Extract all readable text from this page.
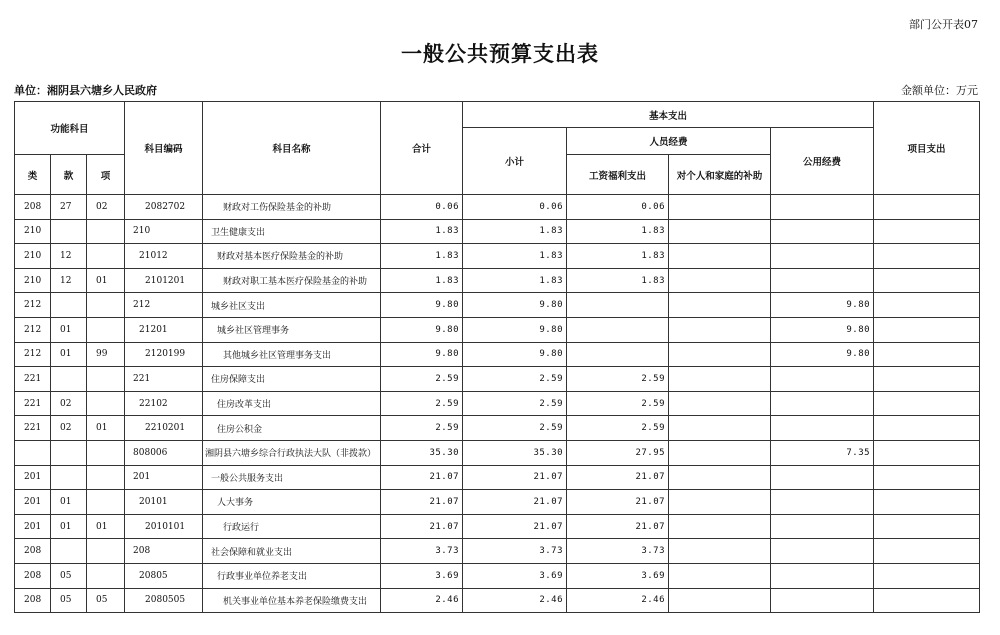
部门公开表07
一般公共预算支出表
单位：湘阴县六塘乡人民政府	金额单位：万元
功能科目			科目编码	科目名称	合计	基本支出				项目支出
						小计	人员经费		公用经费	
类	款	项					工资福利支出	对个人和家庭的补助		
208	27	02	2082702	财政对工伤保险基金的补助	0.06	0.06	0.06			
210			210	卫生健康支出	1.83	1.83	1.83			
210	12		21012	财政对基本医疗保险基金的补助	1.83	1.83	1.83			
210	12	01	2101201	财政对职工基本医疗保险基金的补助	1.83	1.83	1.83			
212			212	城乡社区支出	9.80	9.80			9.80	
212	01		21201	城乡社区管理事务	9.80	9.80			9.80	
212	01	99	2120199	其他城乡社区管理事务支出	9.80	9.80			9.80	
221			221	住房保障支出	2.59	2.59	2.59			
221	02		22102	住房改革支出	2.59	2.59	2.59			
221	02	01	2210201	住房公积金	2.59	2.59	2.59			
			808006	湘阴县六塘乡综合行政执法大队（非拨款）	35.30	35.30	27.95		7.35	
201			201	一般公共服务支出	21.07	21.07	21.07			
201	01		20101	人大事务	21.07	21.07	21.07			
201	01	01	2010101	行政运行	21.07	21.07	21.07			
208			208	社会保障和就业支出	3.73	3.73	3.73			
208	05		20805	行政事业单位养老支出	3.69	3.69	3.69			
208	05	05	2080505	机关事业单位基本养老保险缴费支出	2.46	2.46	2.46			
